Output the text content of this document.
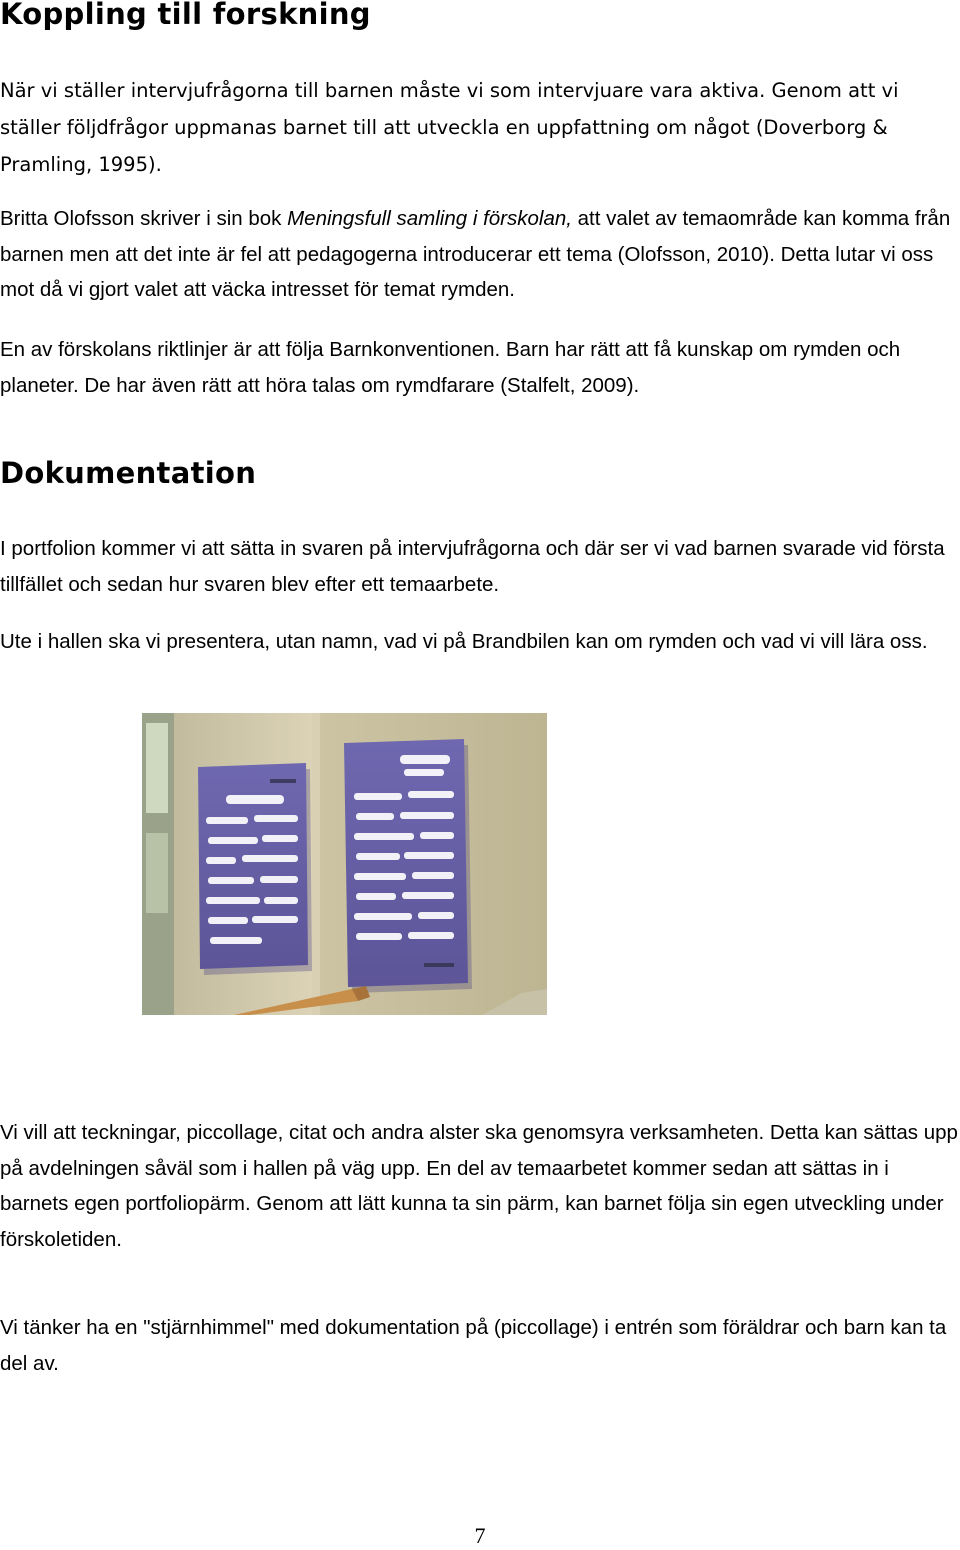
Koppling till forskning

När vi ställer intervjufrågorna till barnen måste vi som intervjuare vara aktiva. Genom att vi ställer följdfrågor uppmanas barnet till att utveckla en uppfattning om något (Doverborg & Pramling, 1995).

Britta Olofsson skriver i sin bok Meningsfull samling i förskolan, att valet av temaområde kan komma från barnen men att det inte är fel att pedagogerna introducerar ett tema (Olofsson, 2010). Detta lutar vi oss mot då vi gjort valet att väcka intresset för temat rymden.

En av förskolans riktlinjer är att följa Barnkonventionen. Barn har rätt att få kunskap om rymden och planeter. De har även rätt att höra talas om rymdfarare (Stalfelt, 2009).

Dokumentation

I portfolion kommer vi att sätta in svaren på intervjufrågorna och där ser vi vad barnen svarade vid första tillfället och sedan hur svaren blev efter ett temaarbete.

Ute i hallen ska vi presentera, utan namn, vad vi på Brandbilen kan om rymden och vad vi vill lära oss.

Vi vill att teckningar, piccollage, citat och andra alster ska genomsyra verksamheten. Detta kan sättas upp på avdelningen såväl som i hallen på väg upp. En del av temaarbetet kommer sedan att sättas in i barnets egen portfoliopärm. Genom att lätt kunna ta sin pärm, kan barnet följa sin egen utveckling under förskoletiden.

Vi tänker ha en "stjärnhimmel" med dokumentation på (piccollage) i entrén som föräldrar och barn kan ta del av.

7
